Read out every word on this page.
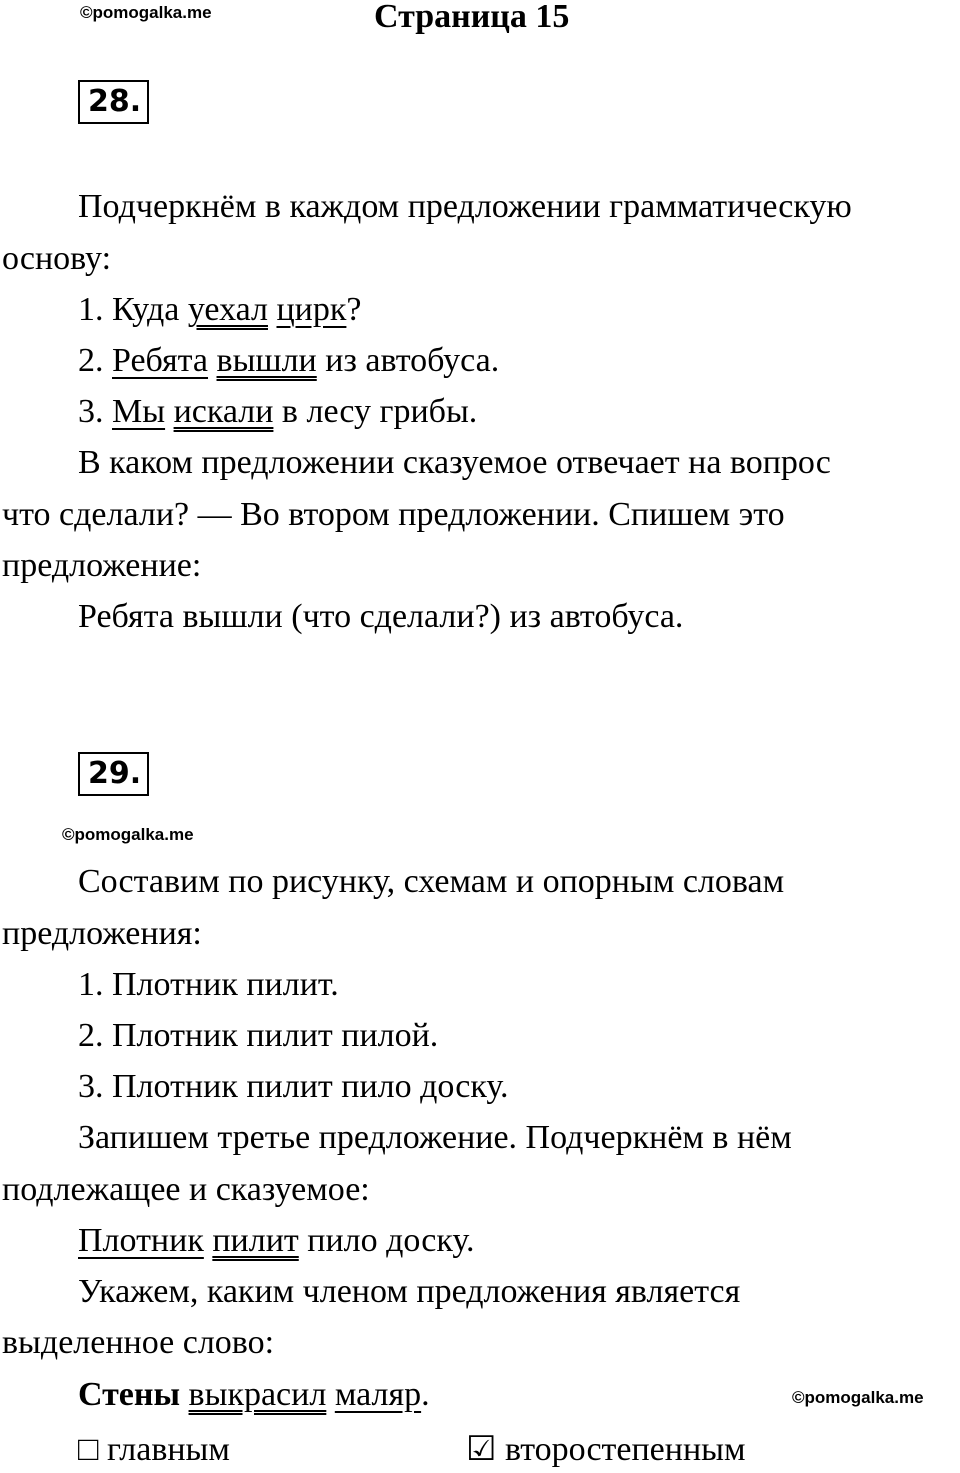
©pomogalka.me	Страница 15
28.
Подчеркнём в каждом предложении грамматическую
основу:
1. Куда уехал цирк?
2. Ребята вышли из автобуса.
3. Мы искали в лесу грибы.
В каком предложении сказуемое отвечает на вопрос
что сделали? — Во втором предложении. Спишем это
предложение:
Ребята вышли (что сделали?) из автобуса.
29.
©pomogalka.me
Составим по рисунку, схемам и опорным словам
предложения:
1. Плотник пилит.
2. Плотник пилит пилой.
3. Плотник пилит пило доску.
Запишем третье предложение. Подчеркнём в нём
подлежащее и сказуемое:
Плотник пилит пило доску.
Укажем, каким членом предложения является
выделенное слово:
Стены выкрасил маляр.	©pomogalka.me
□ главным	☑ второстепенным
